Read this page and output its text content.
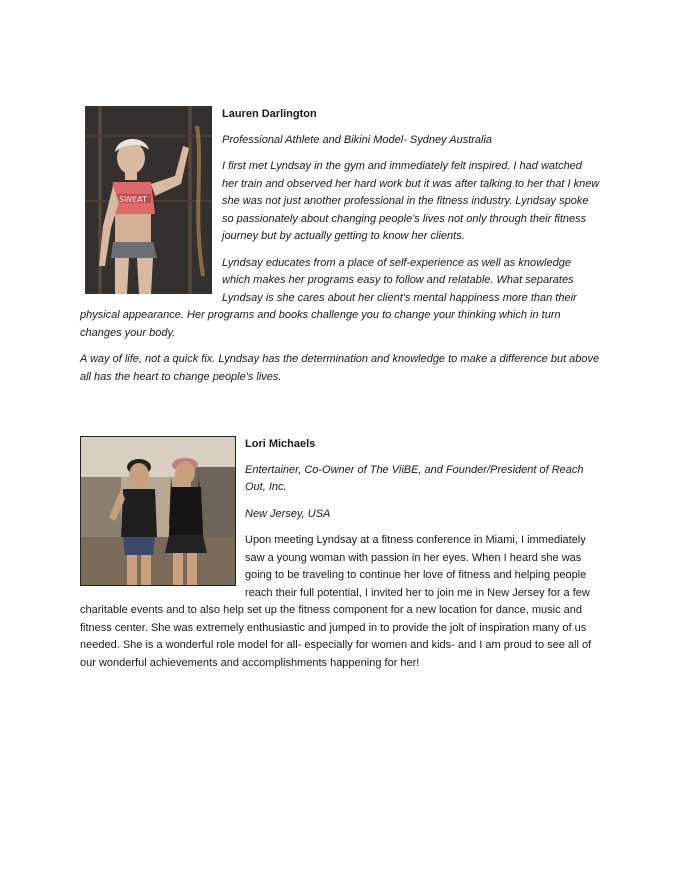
SWEAT

Lauren Darlington

Professional Athlete and Bikini Model- Sydney Australia

I first met Lyndsay in the gym and immediately felt inspired. I had watched her train and observed her hard work but it was after talking to her that I knew she was not just another professional in the fitness industry. Lyndsay spoke so passionately about changing people's lives not only through their fitness journey but by actually getting to know her clients.

Lyndsay educates from a place of self-experience as well as knowledge which makes her programs easy to follow and relatable. What separates Lyndsay is she cares about her client's mental happiness more than their physical appearance. Her programs and books challenge you to change your thinking which in turn changes your body.

A way of life, not a quick fix. Lyndsay has the determination and knowledge to make a difference but above all has the heart to change people's lives.

Lori Michaels

Entertainer, Co-Owner of The ViiBE, and Founder/President of Reach Out, Inc.

New Jersey, USA

Upon meeting Lyndsay at a fitness conference in Miami, I immediately saw a young woman with passion in her eyes. When I heard she was going to be traveling to continue her love of fitness and helping people reach their full potential, I invited her to join me in New Jersey for a few charitable events and to also help set up the fitness component for a new location for dance, music and fitness center. She was extremely enthusiastic and jumped in to provide the jolt of inspiration many of us needed. She is a wonderful role model for all- especially for women and kids- and I am proud to see all of our wonderful achievements and accomplishments happening for her!
